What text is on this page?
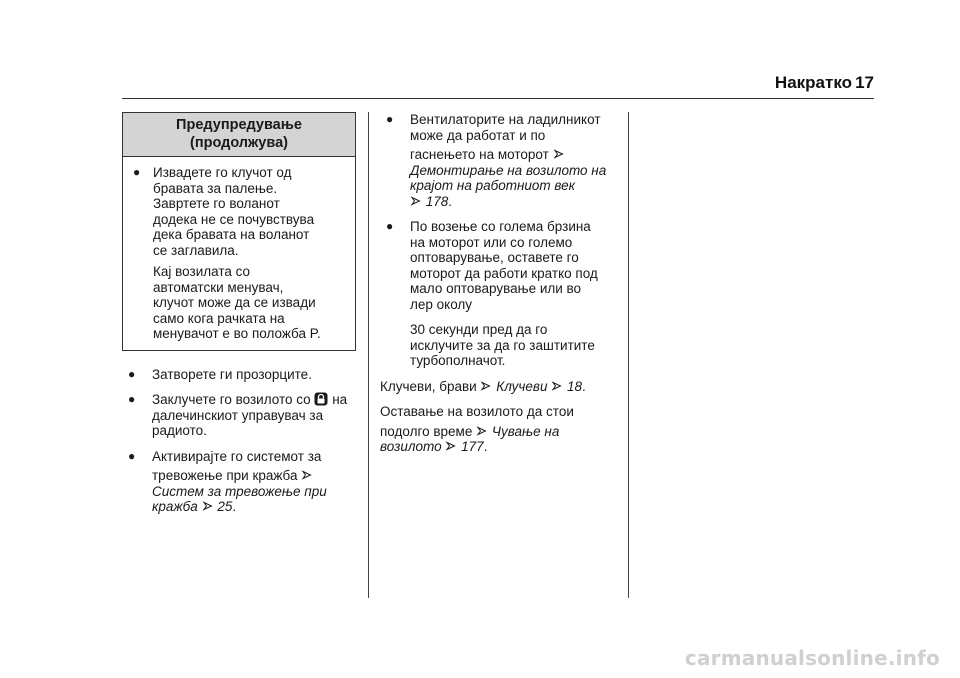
Накратко 17
Предупредување
(продолжува)
● Извадете го клучот од
бравата за палење.
Завртете го воланот
додека не се почувствува
дека бравата на воланот
се заглавила.
Кај возилата со
автоматски менувач,
клучот може да се извади
само кога рачката на
менувачот е во положба P.
● Затворете ги прозорците.
● Заклучете го возилото со на
далечинскиот управувач за
радиото.
● Активирајте го системот за
тревожење при кражба
Систем за тревожење при
кражба 25.
● Вентилаторите на ладилникот
може да работат и по
гаснењето на моторот
Демонтирање на возилото на
крајот на работниот век
178.
● По возење со голема брзина
на моторот или со големо
оптоварување, оставете го
моторот да работи кратко под
мало оптоварување или во
лер околу
30 секунди пред да го
исклучите за да го заштитите
турбополначот.
Клучеви, брави Клучеви 18.
Оставање на возилото да стои
подолго време Чување на
возилото 177.
carmanualsonline.info
